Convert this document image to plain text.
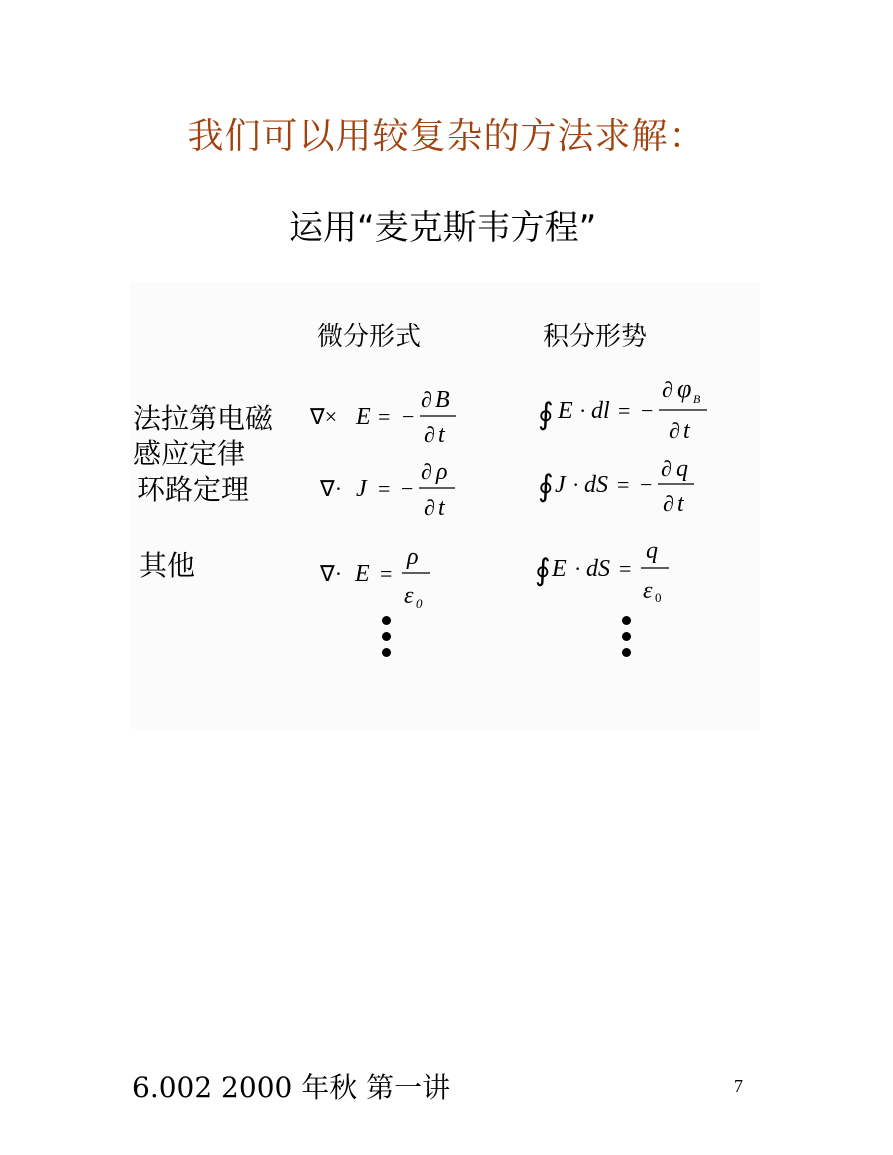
我们可以用较复杂的方法求解：
运用“麦克斯韦方程”
微分形式	积分形势
法拉第电磁
感应定律
环路定理
其他
∇× E = −
∂ B
∂ t
∮ E · dl = −
∂ φ B
∂ t
∇· J = −
∂ ρ
∂ t
∮ J · dS = −
∂ q
∂ t
∇· E =
ρ
ε 0
∮ E · dS =
q
ε 0
6.002 2000 年秋 第一讲	7
